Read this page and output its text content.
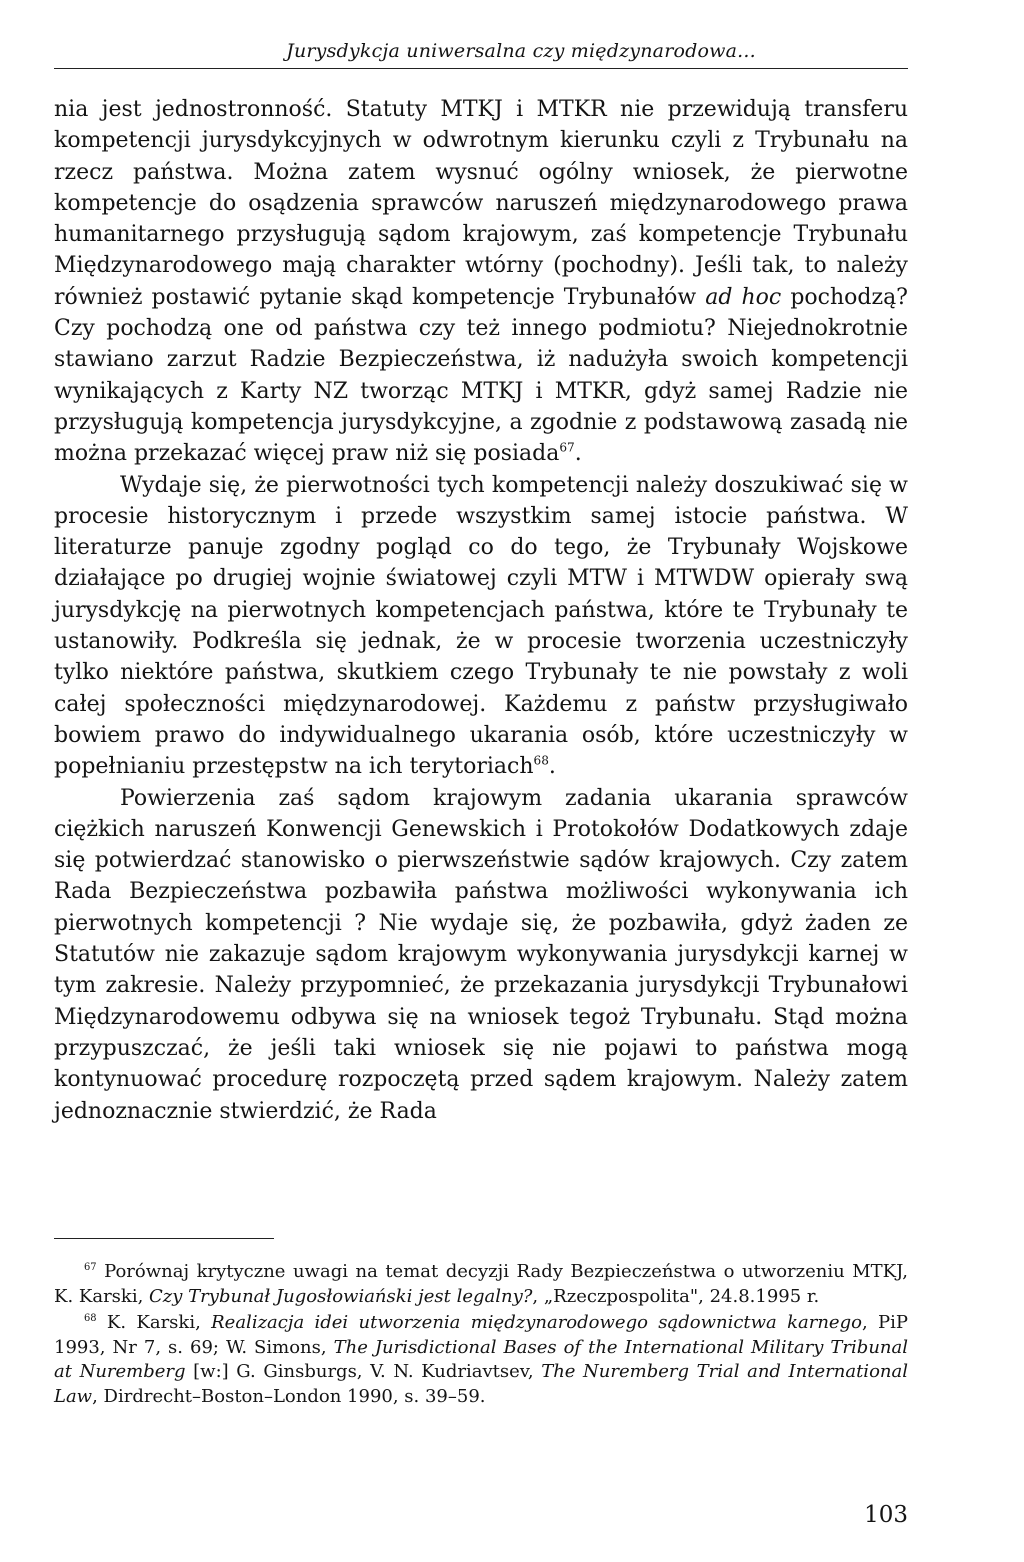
Jurysdykcja uniwersalna czy międzynarodowa...

nia jest jednostronność. Statuty MTKJ i MTKR nie przewidują transferu kompetencji jurysdykcyjnych w odwrotnym kierunku czyli z Trybunału na rzecz państwa. Można zatem wysnuć ogólny wniosek, że pierwotne kompetencje do osądzenia sprawców naruszeń międzynarodowego prawa humanitarnego przysługują sądom krajowym, zaś kompetencje Trybunału Międzynarodowego mają charakter wtórny (pochodny). Jeśli tak, to należy również postawić pytanie skąd kompetencje Trybunałów ad hoc pochodzą? Czy pochodzą one od państwa czy też innego podmiotu? Niejednokrotnie stawiano zarzut Radzie Bezpieczeństwa, iż nadużyła swoich kompetencji wynikających z Karty NZ tworząc MTKJ i MTKR, gdyż samej Radzie nie przysługują kompetencja jurysdykcyjne, a zgodnie z podstawową zasadą nie można przekazać więcej praw niż się posiada$^{67}$.

Wydaje się, że pierwotności tych kompetencji należy doszukiwać się w procesie historycznym i przede wszystkim samej istocie państwa. W literaturze panuje zgodny pogląd co do tego, że Trybunały Wojskowe działające po drugiej wojnie światowej czyli MTW i MTWDW opierały swą jurysdykcję na pierwotnych kompetencjach państwa, które te Trybunały te ustanowiły. Podkreśla się jednak, że w procesie tworzenia uczestniczyły tylko niektóre państwa, skutkiem czego Trybunały te nie powstały z woli całej społeczności międzynarodowej. Każdemu z państw przysługiwało bowiem prawo do indywidualnego ukarania osób, które uczestniczyły w popełnianiu przestępstw na ich terytoriach$^{68}$.

Powierzenia zaś sądom krajowym zadania ukarania sprawców ciężkich naruszeń Konwencji Genewskich i Protokołów Dodatkowych zdaje się potwierdzać stanowisko o pierwszeństwie sądów krajowych. Czy zatem Rada Bezpieczeństwa pozbawiła państwa możliwości wykonywania ich pierwotnych kompetencji ? Nie wydaje się, że pozbawiła, gdyż żaden ze Statutów nie zakazuje sądom krajowym wykonywania jurysdykcji karnej w tym zakresie. Należy przypomnieć, że przekazania jurysdykcji Trybunałowi Międzynarodowemu odbywa się na wniosek tegoż Trybunału. Stąd można przypuszczać, że jeśli taki wniosek się nie pojawi to państwa mogą kontynuować procedurę rozpoczętą przed sądem krajowym. Należy zatem jednoznacznie stwierdzić, że Rada

$^{67}$ Porównaj krytyczne uwagi na temat decyzji Rady Bezpieczeństwa o utworzeniu MTKJ, K. Karski, Czy Trybunał Jugosłowiański jest legalny?, „Rzeczpospolita", 24.8.1995 r.

$^{68}$ K. Karski, Realizacja idei utworzenia międzynarodowego sądownictwa karnego, PiP 1993, Nr 7, s. 69; W. Simons, The Jurisdictional Bases of the International Military Tribunal at Nuremberg [w:] G. Ginsburgs, V. N. Kudriavtsev, The Nuremberg Trial and International Law, Dirdrecht–Boston–London 1990, s. 39–59.

103
